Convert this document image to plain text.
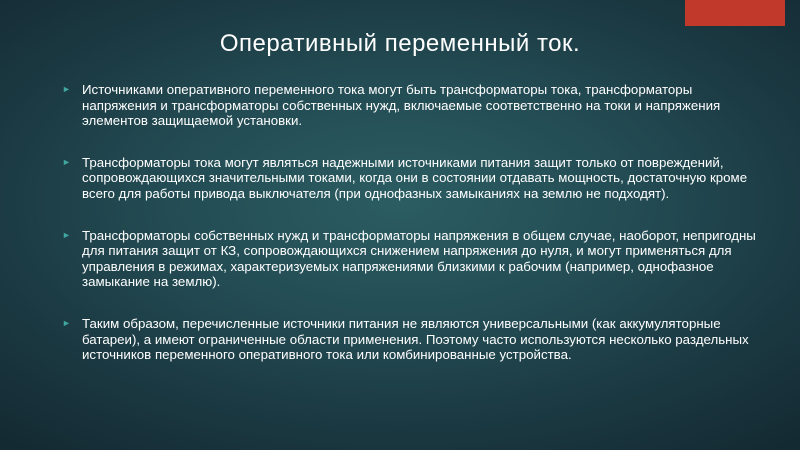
Оперативный переменный ток.
► Источниками оперативного переменного тока могут быть трансформаторы тока, трансформаторы напряжения и трансформаторы собственных нужд, включаемые соответственно на токи и напряжения элементов защищаемой установки.
► Трансформаторы тока могут являться надежными источниками питания защит только от повреждений, сопровождающихся значительными токами, когда они в состоянии отдавать мощность, достаточную кроме всего для работы привода выключателя (при однофазных замыканиях на землю не подходят).
► Трансформаторы собственных нужд и трансформаторы напряжения в общем случае, наоборот, непригодны для питания защит от КЗ, сопровождающихся снижением напряжения до нуля, и могут применяться для управления в режимах, характеризуемых напряжениями близкими к рабочим (например, однофазное замыкание на землю).
► Таким образом, перечисленные источники питания не являются универсальными (как аккумуляторные батареи), а имеют ограниченные области применения. Поэтому часто используются несколько раздельных источников переменного оперативного тока или комбинированные устройства.
